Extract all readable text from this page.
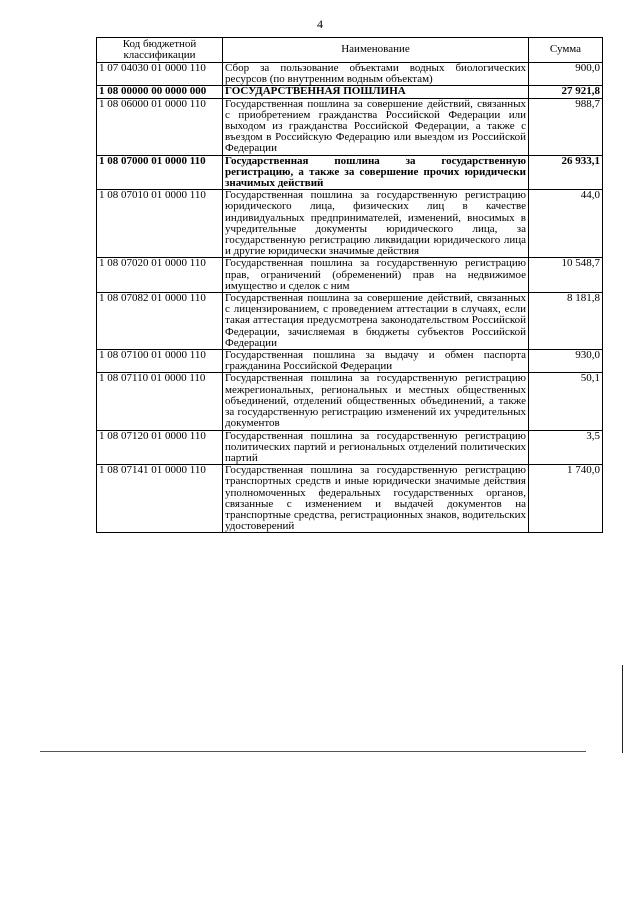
4
Код бюджетной классификации	Наименование	Сумма
1 07 04030 01 0000 110	Сбор за пользование объектами водных биологических ресурсов (по внутренним водным объектам)	900,0
1 08 00000 00 0000 000	ГОСУДАРСТВЕННАЯ ПОШЛИНА	27 921,8
1 08 06000 01 0000 110	Государственная пошлина за совершение действий, связанных с приобретением гражданства Российской Федерации или выходом из гражданства Российской Федерации, а также с въездом в Российскую Федерацию или выездом из Российской Федерации	988,7
1 08 07000 01 0000 110	Государственная пошлина за государственную регистрацию, а также за совершение прочих юридически значимых действий	26 933,1
1 08 07010 01 0000 110	Государственная пошлина за государственную регистрацию юридического лица, физических лиц в качестве индивидуальных предпринимателей, изменений, вносимых в учредительные документы юридического лица, за государственную регистрацию ликвидации юридического лица и другие юридически значимые действия	44,0
1 08 07020 01 0000 110	Государственная пошлина за государственную регистрацию прав, ограничений (обременений) прав на недвижимое имущество и сделок с ним	10 548,7
1 08 07082 01 0000 110	Государственная пошлина за совершение действий, связанных с лицензированием, с проведением аттестации в случаях, если такая аттестация предусмотрена законодательством Российской Федерации, зачисляемая в бюджеты субъектов Российской Федерации	8 181,8
1 08 07100 01 0000 110	Государственная пошлина за выдачу и обмен паспорта гражданина Российской Федерации	930,0
1 08 07110 01 0000 110	Государственная пошлина за государственную регистрацию межрегиональных, региональных и местных общественных объединений, отделений общественных объединений, а также за государственную регистрацию изменений их учредительных документов	50,1
1 08 07120 01 0000 110	Государственная пошлина за государственную регистрацию политических партий и региональных отделений политических партий	3,5
1 08 07141 01 0000 110	Государственная пошлина за государственную регистрацию транспортных средств и иные юридически значимые действия уполномоченных федеральных государственных органов, связанные с изменением и выдачей документов на транспортные средства, регистрационных знаков, водительских удостоверений	1 740,0
